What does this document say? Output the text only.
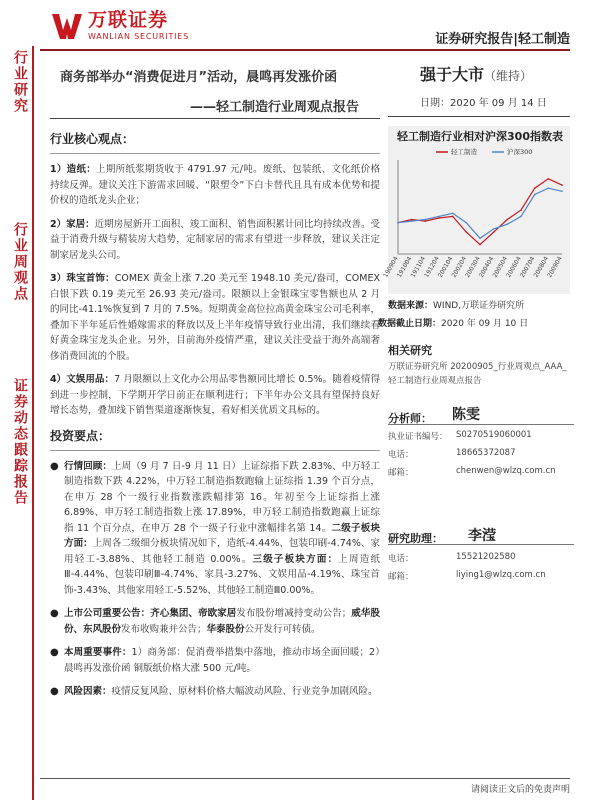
万联证券
WANLIAN SECURITIES	证券研究报告|轻工制造
行业研究
行业周观点
证券动态跟踪报告
商务部举办“消费促进月”活动，晨鸣再发涨价函
——轻工制造行业周观点报告
强于大市（维持）
日期：2020 年 09 月 14 日
行业核心观点：
1）造纸：上期所纸浆期货收于 4791.97 元/吨。废纸、包装纸、文化纸价格持续反弹。建议关注下游需求回暖、“限塑令”下白卡替代且具有成本优势和提价权的造纸龙头企业；
2）家居：近期房屋新开工面积、竣工面积、销售面积累计同比均持续改善。受益于消费升级与精装房大趋势，定制家居的需求有望进一步释放，建议关注定制家居龙头公司。
3）珠宝首饰：COMEX 黄金上涨 7.20 美元至 1948.10 美元/盎司，COMEX 白银下跌 0.19 美元至 26.93 美元/盎司。限额以上金银珠宝零售额也从 2 月的同比-41.1%恢复到 7 月的 7.5%。短期黄金高位拉高黄金珠宝公司毛利率，叠加下半年延后性婚嫁需求的释放以及上半年疫情导致行业出清，我们继续看好黄金珠宝龙头企业。另外，目前海外疫情严重，建议关注受益于海外高端奢侈消费回流的个股。
4）文娱用品：7 月限额以上文化办公用品零售额同比增长 0.5%。随着疫情得到进一步控制，下学期开学日前正在顺利进行；下半年办公文具有望保持良好增长态势，叠加线下销售渠道逐渐恢复，看好相关优质文具标的。
投资要点：
● 行情回顾：上周（9 月 7 日-9 月 11 日）上证综指下跌 2.83%、中万轻工制造指数下跌 4.22%，中万轻工制造指数跑输上证综指 1.39 个百分点，在申万 28 个一级行业指数涨跌幅排第 16。年初至今上证综指上涨 6.89%、申万轻工制造指数上涨 17.89%，申万轻工制造指数跑赢上证综指 11 个百分点，在申万 28 个一级子行业中涨幅排名第 14。二级子板块方面：上周各二级细分板块情况如下，造纸-4.44%、包装印刷-4.74%、家用轻工-3.88%、其他轻工制造 0.00%。三级子板块方面：上周造纸Ⅲ-4.44%、包装印刷Ⅲ-4.74%、家具-3.27%、文娱用品-4.19%、珠宝首饰-3.43%、其他家用轻工-5.52%、其他轻工制造Ⅲ0.00%。
● 上市公司重要公告：齐心集团、帝欧家居发布股份增减持变动公告；威华股份、东风股份发布收购兼并公告；华泰股份公开发行可转债。
● 本周重要事件：1）商务部：促消费举措集中落地，推动市场全面回暖；2）晨鸣再发涨价函 铜版纸价格大涨 500 元/吨。
● 风险因素：疫情反复风险、原材料价格大幅波动风险、行业竞争加剧风险。
轻工制造行业相对沪深300指数表
190904
191004
191104
191204
200104
200204
200304
200404
200504
200604
200704
200804
200904
轻工制造	沪深300
数据来源：WIND,万联证券研究所
数据截止日期：2020 年 09 月 10 日
相关研究
万联证券研究所 20200905_行业周观点_AAA_轻工制造行业周观点报告
分析师： 陈雯
执业证书编号： S0270519060001
电话：	18665372087
邮箱：	chenwen@wlzq.com.cn
研究助理： 李滢
电话：	15521202580
邮箱：	liying1@wlzq.com.cn
请阅读正文后的免责声明
